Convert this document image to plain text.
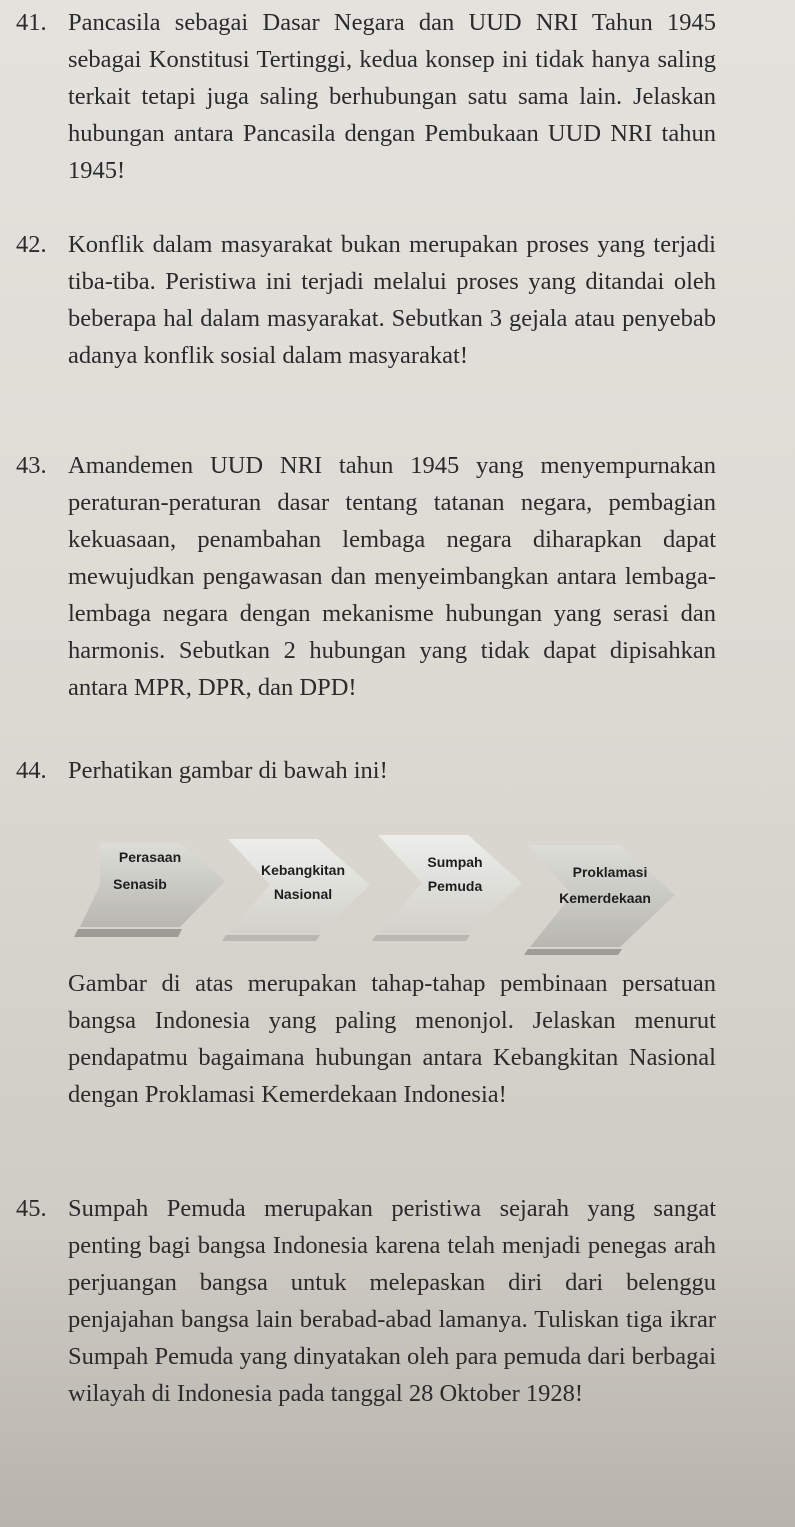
41. Pancasila sebagai Dasar Negara dan UUD NRI Tahun 1945 sebagai Konstitusi Tertinggi, kedua konsep ini tidak hanya saling terkait tetapi juga saling berhubungan satu sama lain. Jelaskan hubungan antara Pancasila dengan Pembukaan UUD NRI tahun 1945!

42. Konflik dalam masyarakat bukan merupakan proses yang terjadi tiba-tiba. Peristiwa ini terjadi melalui proses yang ditandai oleh beberapa hal dalam masyarakat. Sebutkan 3 gejala atau penyebab adanya konflik sosial dalam masyarakat!

43. Amandemen UUD NRI tahun 1945 yang menyempurnakan peraturan-peraturan dasar tentang tatanan negara, pembagian kekuasaan, penambahan lembaga negara diharapkan dapat mewujudkan pengawasan dan menyeimbangkan antara lembaga-lembaga negara dengan mekanisme hubungan yang serasi dan harmonis. Sebutkan 2 hubungan yang tidak dapat dipisahkan antara MPR, DPR, dan DPD!

44. Perhatikan gambar di bawah ini!

Perasaan
Senasib
Kebangkitan
Nasional
Sumpah
Pemuda
Proklamasi
Kemerdekaan

Gambar di atas merupakan tahap-tahap pembinaan persatuan bangsa Indonesia yang paling menonjol. Jelaskan menurut pendapatmu bagaimana hubungan antara Kebangkitan Nasional dengan Proklamasi Kemerdekaan Indonesia!

45. Sumpah Pemuda merupakan peristiwa sejarah yang sangat penting bagi bangsa Indonesia karena telah menjadi penegas arah perjuangan bangsa untuk melepaskan diri dari belenggu penjajahan bangsa lain berabad-abad lamanya. Tuliskan tiga ikrar Sumpah Pemuda yang dinyatakan oleh para pemuda dari berbagai wilayah di Indonesia pada tanggal 28 Oktober 1928!
